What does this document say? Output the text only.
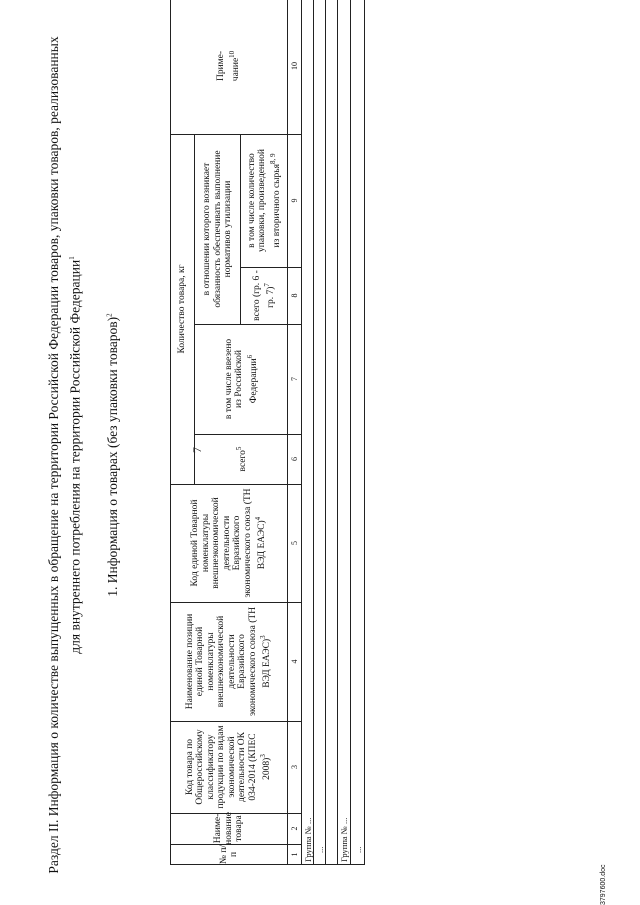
7
Раздел II. Информация о количестве выпущенных в обращение на территории Российской Федерации товаров, упаковки товаров, реализованных для внутреннего потребления на территории Российской Федерации$^1$
1. Информация о товарах (без упаковки товаров)$^2$
№ п/п
Наиме-нование товара
Код товара по Общероссийскому классификатору продукции по видам экономической деятельности ОК 034-2014 (КПЕС 2008)$^3$
Наименование позиции единой Товарной номенклатуры внешнеэкономической деятельности Евразийского экономического союза (ТН ВЭД ЕАЭС)$^3$
Код единой Товарной номенклатуры внешнеэкономической деятельности Евразийского экономического союза (ТН ВЭД ЕАЭС)$^4$
Количество товара, кг
всего$^5$
в том числе ввезено из Российской Федерации$^6$
в отношении которого возникает обязанность обеспечивать выполнение нормативов утилизации
всего (гр. 6 - гр. 7)$^7$
в том числе количество упаковки, произведенной из вторичного сырья$^{8, 9}$
Приме-чание$^{10}$
1
2
3
4
5
6
7
8
9
10
Группа № ... ... Группа № ... ...
3797600.doc
